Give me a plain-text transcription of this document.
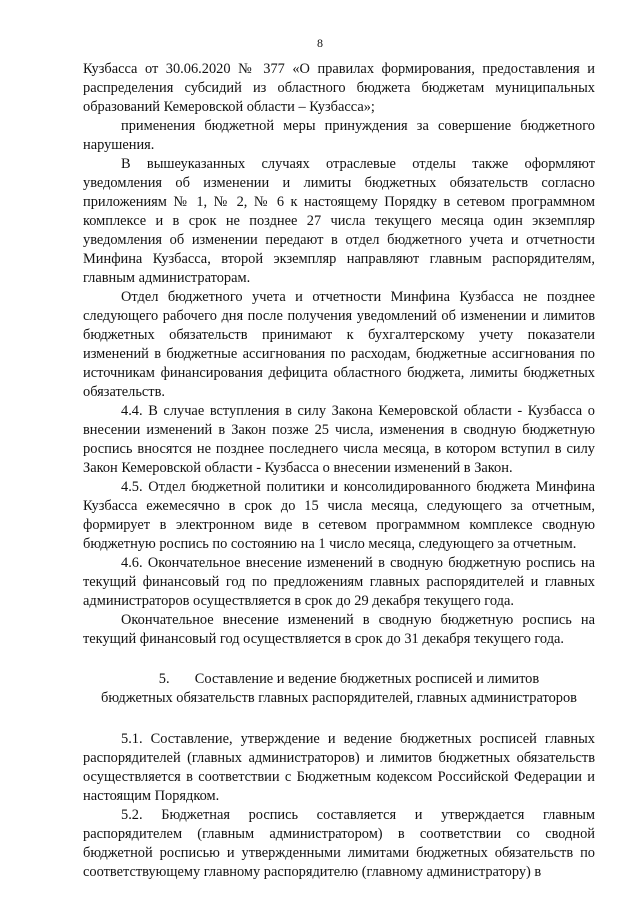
8

Кузбасса от 30.06.2020 № 377 «О правилах формирования, предоставления и распределения субсидий из областного бюджета бюджетам муниципальных образований Кемеровской области – Кузбасса»;

применения бюджетной меры принуждения за совершение бюджетного нарушения.

В вышеуказанных случаях отраслевые отделы также оформляют уведомления об изменении и лимиты бюджетных обязательств согласно приложениям № 1, № 2, № 6 к настоящему Порядку в сетевом программном комплексе и в срок не позднее 27 числа текущего месяца один экземпляр уведомления об изменении передают в отдел бюджетного учета и отчетности Минфина Кузбасса, второй экземпляр направляют главным распорядителям, главным администраторам.

Отдел бюджетного учета и отчетности Минфина Кузбасса не позднее следующего рабочего дня после получения уведомлений об изменении и лимитов бюджетных обязательств принимают к бухгалтерскому учету показатели изменений в бюджетные ассигнования по расходам, бюджетные ассигнования по источникам финансирования дефицита областного бюджета, лимиты бюджетных обязательств.

4.4. В случае вступления в силу Закона Кемеровской области - Кузбасса о внесении изменений в Закон позже 25 числа, изменения в сводную бюджетную роспись вносятся не позднее последнего числа месяца, в котором вступил в силу Закон Кемеровской области - Кузбасса о внесении изменений в Закон.

4.5. Отдел бюджетной политики и консолидированного бюджета Минфина Кузбасса ежемесячно в срок до 15 числа месяца, следующего за отчетным, формирует в электронном виде в сетевом программном комплексе сводную бюджетную роспись по состоянию на 1 число месяца, следующего за отчетным.

4.6. Окончательное внесение изменений в сводную бюджетную роспись на текущий финансовый год по предложениям главных распорядителей и главных администраторов осуществляется в срок до 29 декабря текущего года.

Окончательное внесение изменений в сводную бюджетную роспись на текущий финансовый год осуществляется в срок до 31 декабря текущего года.

5. Составление и ведение бюджетных росписей и лимитов
бюджетных обязательств главных распорядителей, главных администраторов

5.1. Составление, утверждение и ведение бюджетных росписей главных распорядителей (главных администраторов) и лимитов бюджетных обязательств осуществляется в соответствии с Бюджетным кодексом Российской Федерации и настоящим Порядком.

5.2. Бюджетная роспись составляется и утверждается главным распорядителем (главным администратором) в соответствии со сводной бюджетной росписью и утвержденными лимитами бюджетных обязательств по соответствующему главному распорядителю (главному администратору) в
